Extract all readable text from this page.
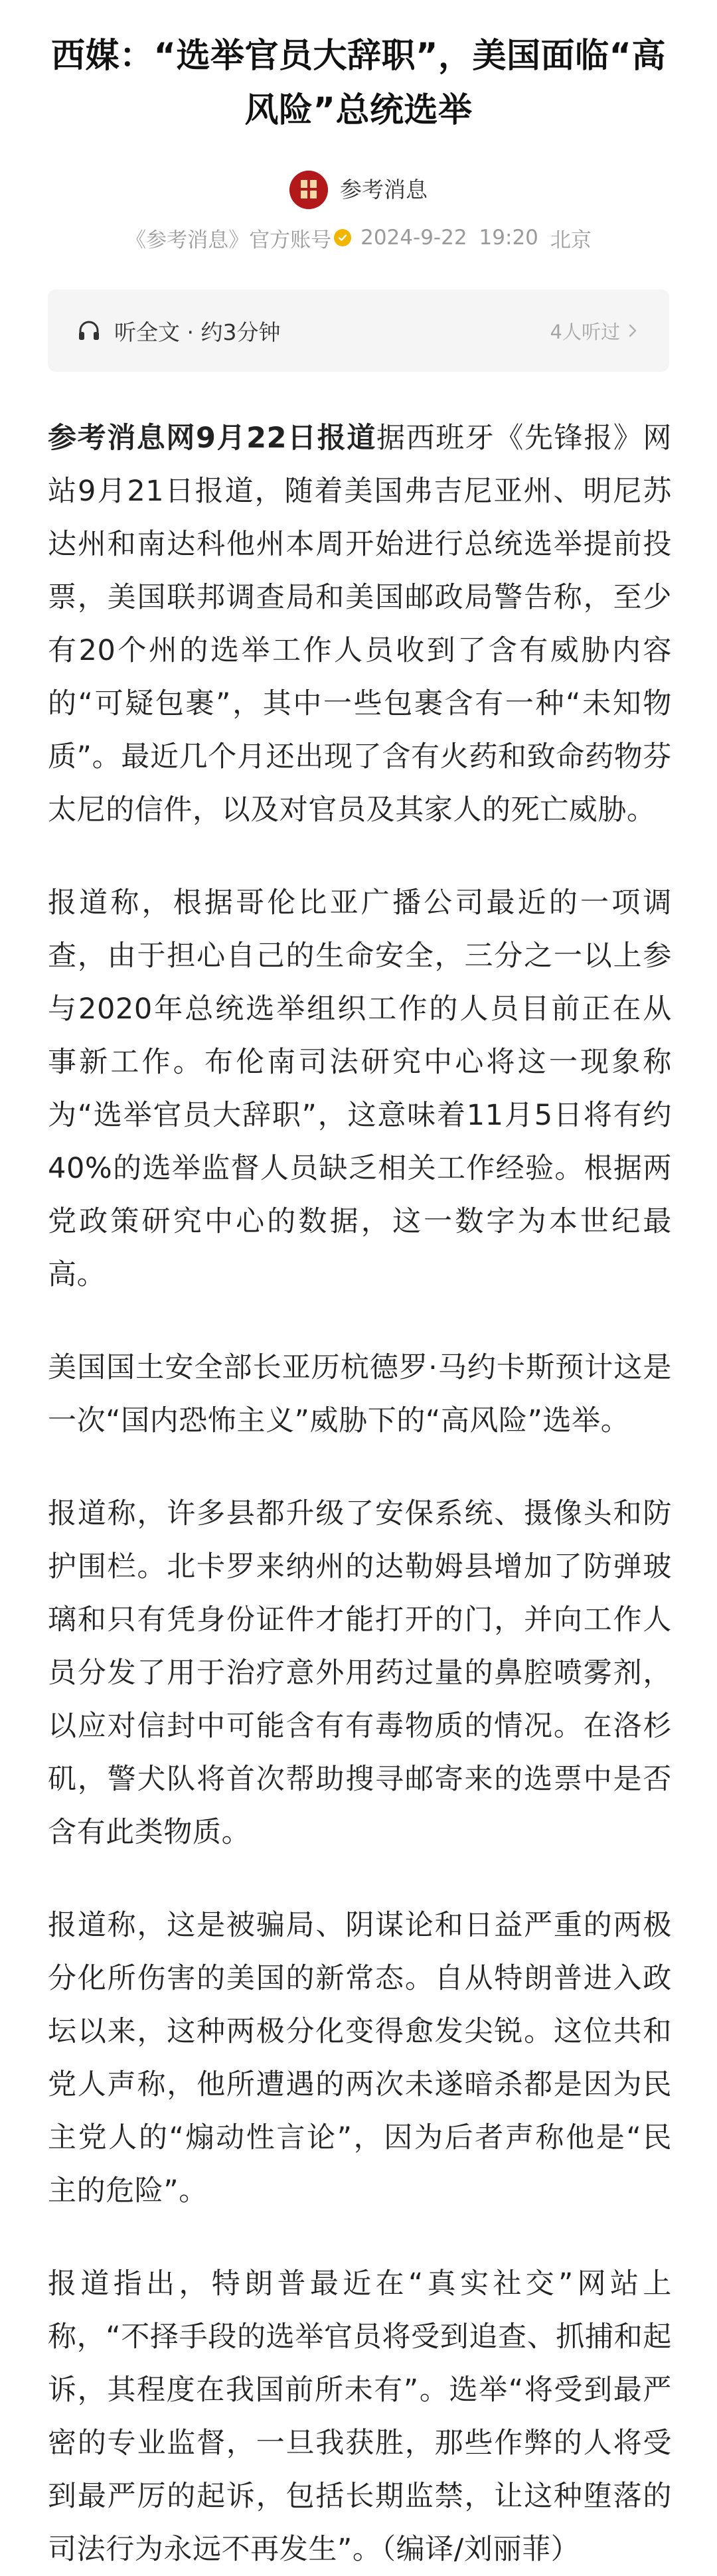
西媒：“选举官员大辞职”，美国面临“高风险”总统选举
参考消息
《参考消息》官方账号 2024-9-22 19:20 北京
听全文 · 约3分钟	4人听过

参考消息网9月22日报道据西班牙《先锋报》网站9月21日报道，随着美国弗吉尼亚州、明尼苏达州和南达科他州本周开始进行总统选举提前投票，美国联邦调查局和美国邮政局警告称，至少有20个州的选举工作人员收到了含有威胁内容的“可疑包裹”，其中一些包裹含有一种“未知物质”。最近几个月还出现了含有火药和致命药物芬太尼的信件，以及对官员及其家人的死亡威胁。

报道称，根据哥伦比亚广播公司最近的一项调查，由于担心自己的生命安全，三分之一以上参与2020年总统选举组织工作的人员目前正在从事新工作。布伦南司法研究中心将这一现象称为“选举官员大辞职”，这意味着11月5日将有约40%的选举监督人员缺乏相关工作经验。根据两党政策研究中心的数据，这一数字为本世纪最高。

美国国土安全部长亚历杭德罗·马约卡斯预计这是一次“国内恐怖主义”威胁下的“高风险”选举。

报道称，许多县都升级了安保系统、摄像头和防护围栏。北卡罗来纳州的达勒姆县增加了防弹玻璃和只有凭身份证件才能打开的门，并向工作人员分发了用于治疗意外用药过量的鼻腔喷雾剂，以应对信封中可能含有有毒物质的情况。在洛杉矶，警犬队将首次帮助搜寻邮寄来的选票中是否含有此类物质。

报道称，这是被骗局、阴谋论和日益严重的两极分化所伤害的美国的新常态。自从特朗普进入政坛以来，这种两极分化变得愈发尖锐。这位共和党人声称，他所遭遇的两次未遂暗杀都是因为民主党人的“煽动性言论”，因为后者声称他是“民主的危险”。

报道指出，特朗普最近在“真实社交”网站上称，“不择手段的选举官员将受到追查、抓捕和起诉，其程度在我国前所未有”。选举“将受到最严密的专业监督，一旦我获胜，那些作弊的人将受到最严厉的起诉，包括长期监禁，让这种堕落的司法行为永远不再发生”。（编译/刘丽菲）
